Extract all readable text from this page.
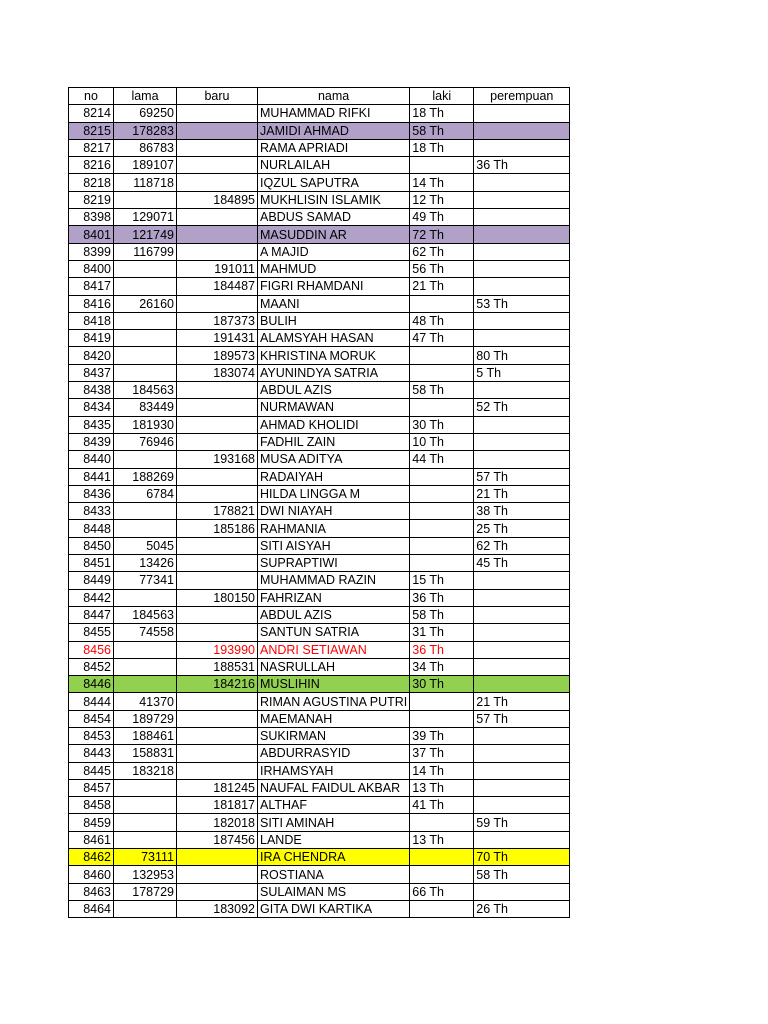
no	lama	baru	nama	laki	perempuan
8214	69250		MUHAMMAD RIFKI	18 Th	
8215	178283		JAMIDI AHMAD	58 Th	
8217	86783		RAMA APRIADI	18 Th	
8216	189107		NURLAILAH		36 Th
8218	118718		IQZUL SAPUTRA	14 Th	
8219		184895	MUKHLISIN ISLAMIK	12 Th	
8398	129071		ABDUS SAMAD	49 Th	
8401	121749		MASUDDIN AR	72 Th	
8399	116799		A MAJID	62 Th	
8400		191011	MAHMUD	56 Th	
8417		184487	FIGRI RHAMDANI	21 Th	
8416	26160		MAANI		53 Th
8418		187373	BULIH	48 Th	
8419		191431	ALAMSYAH HASAN	47 Th	
8420		189573	KHRISTINA MORUK		80 Th
8437		183074	AYUNINDYA SATRIA		5 Th
8438	184563		ABDUL AZIS	58 Th	
8434	83449		NURMAWAN		52 Th
8435	181930		AHMAD KHOLIDI	30 Th	
8439	76946		FADHIL ZAIN	10 Th	
8440		193168	MUSA ADITYA	44 Th	
8441	188269		RADAIYAH		57 Th
8436	6784		HILDA LINGGA M		21 Th
8433		178821	DWI NIAYAH		38 Th
8448		185186	RAHMANIA		25 Th
8450	5045		SITI AISYAH		62 Th
8451	13426		SUPRAPTIWI		45 Th
8449	77341		MUHAMMAD RAZIN	15 Th	
8442		180150	FAHRIZAN	36 Th	
8447	184563		ABDUL AZIS	58 Th	
8455	74558		SANTUN SATRIA	31 Th	
8456		193990	ANDRI SETIAWAN	36 Th	
8452		188531	NASRULLAH	34 Th	
8446		184216	MUSLIHIN	30 Th	
8444	41370		RIMAN AGUSTINA PUTRI		21 Th
8454	189729		MAEMANAH		57 Th
8453	188461		SUKIRMAN	39 Th	
8443	158831		ABDURRASYID	37 Th	
8445	183218		IRHAMSYAH	14 Th	
8457		181245	NAUFAL FAIDUL AKBAR	13 Th	
8458		181817	ALTHAF	41 Th	
8459		182018	SITI AMINAH		59 Th
8461		187456	LANDE	13 Th	
8462	73111		IRA CHENDRA		70 Th
8460	132953		ROSTIANA		58 Th
8463	178729		SULAIMAN MS	66 Th	
8464		183092	GITA DWI KARTIKA		26 Th
